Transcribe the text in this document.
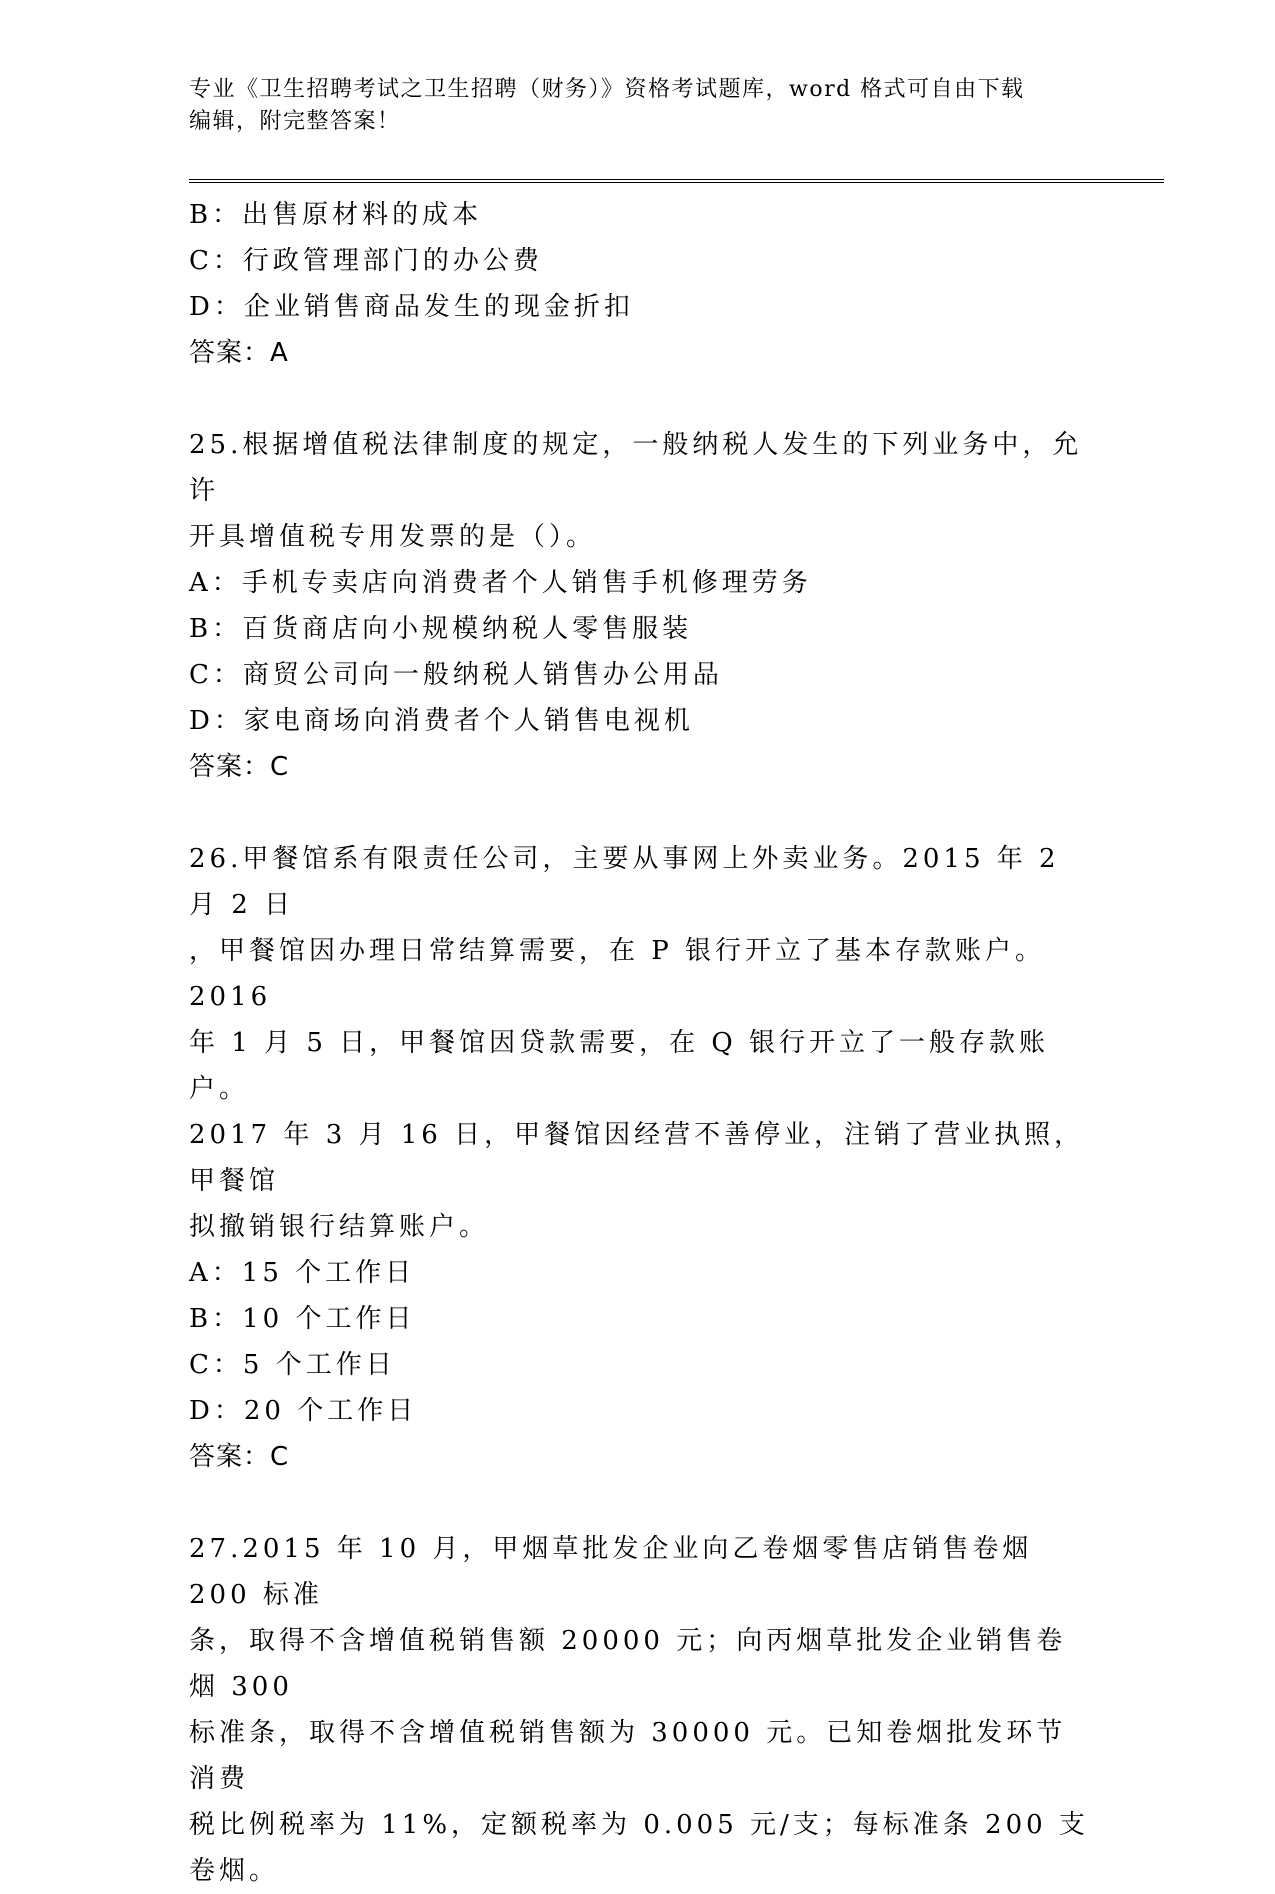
专业《卫生招聘考试之卫生招聘（财务）》资格考试题库，word 格式可自由下载
编辑，附完整答案！
B：出售原材料的成本
C：行政管理部门的办公费
D：企业销售商品发生的现金折扣
答案：A
25.根据增值税法律制度的规定，一般纳税人发生的下列业务中，允许
开具增值税专用发票的是（）。
A：手机专卖店向消费者个人销售手机修理劳务
B：百货商店向小规模纳税人零售服装
C：商贸公司向一般纳税人销售办公用品
D：家电商场向消费者个人销售电视机
答案：C
26.甲餐馆系有限责任公司，主要从事网上外卖业务。2015 年 2 月 2 日
，甲餐馆因办理日常结算需要，在 P 银行开立了基本存款账户。2016
年 1 月 5 日，甲餐馆因贷款需要，在 Q 银行开立了一般存款账户。
2017 年 3 月 16 日，甲餐馆因经营不善停业，注销了营业执照，甲餐馆
拟撤销银行结算账户。
A：15 个工作日
B：10 个工作日
C：5 个工作日
D：20 个工作日
答案：C
27.2015 年 10 月，甲烟草批发企业向乙卷烟零售店销售卷烟 200 标准
条，取得不含增值税销售额 20000 元；向丙烟草批发企业销售卷烟 300
标准条，取得不含增值税销售额为 30000 元。已知卷烟批发环节消费
税比例税率为 11%，定额税率为 0.005 元/支；每标准条 200 支卷烟。
